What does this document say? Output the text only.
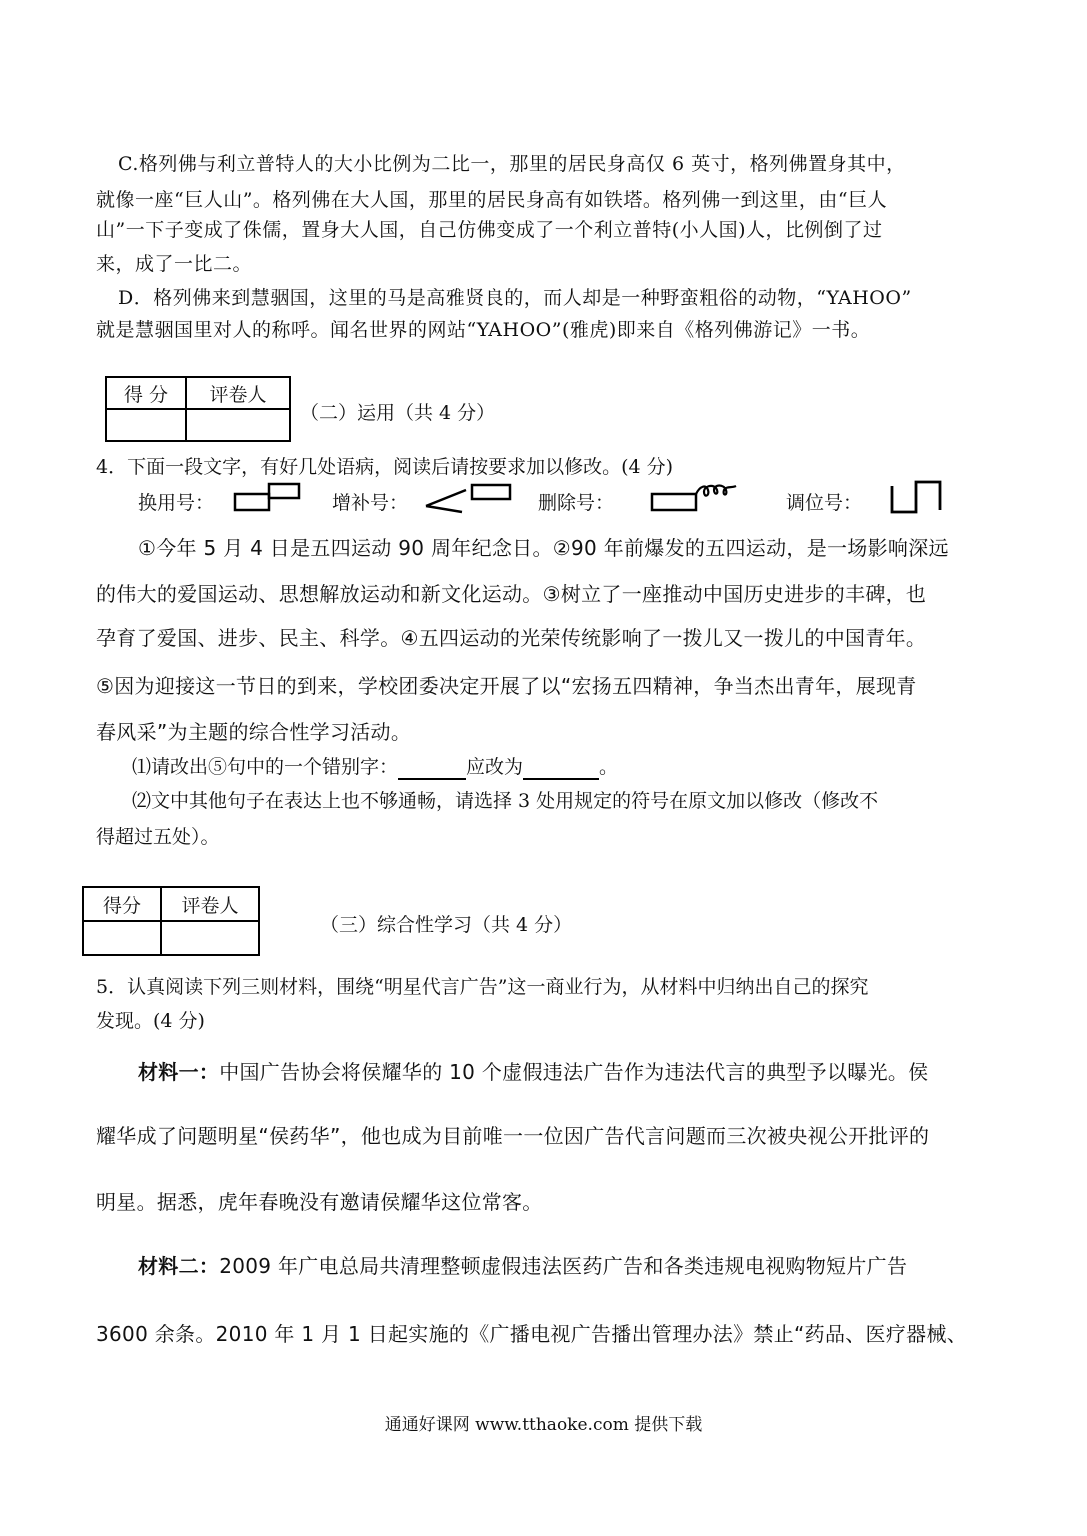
C.格列佛与利立普特人的大小比例为二比一，那里的居民身高仅 6 英寸，格列佛置身其中，
就像一座“巨人山”。格列佛在大人国，那里的居民身高有如铁塔。格列佛一到这里，由“巨人
山”一下子变成了侏儒，置身大人国，自己仿佛变成了一个利立普特(小人国)人，比例倒了过
来，成了一比二。
D．格列佛来到慧骃国，这里的马是高雅贤良的，而人却是一种野蛮粗俗的动物，“YAHOO”
就是慧骃国里对人的称呼。闻名世界的网站“YAHOO”(雅虎)即来自《格列佛游记》一书。
得 分	评卷人

（二）运用（共 4 分）
4．下面一段文字，有好几处语病，阅读后请按要求加以修改。(4 分)
换用号：	增补号：	删除号：	调位号：
①今年 5 月 4 日是五四运动 90 周年纪念日。②90 年前爆发的五四运动，是一场影响深远
的伟大的爱国运动、思想解放运动和新文化运动。③树立了一座推动中国历史进步的丰碑，也
孕育了爱国、进步、民主、科学。④五四运动的光荣传统影响了一拨儿又一拨儿的中国青年。
⑤因为迎接这一节日的到来，学校团委决定开展了以“宏扬五四精神，争当杰出青年，展现青
春风采”为主题的综合性学习活动。
⑴请改出⑤句中的一个错别字：	应改为	。
⑵文中其他句子在表达上也不够通畅，请选择 3 处用规定的符号在原文加以修改（修改不
得超过五处）。
得分	评卷人

（三）综合性学习（共 4 分）
5．认真阅读下列三则材料，围绕“明星代言广告”这一商业行为，从材料中归纳出自己的探究
发现。(4 分)
材料一：中国广告协会将侯耀华的 10 个虚假违法广告作为违法代言的典型予以曝光。侯
耀华成了问题明星“侯药华”，他也成为目前唯一一位因广告代言问题而三次被央视公开批评的
明星。据悉，虎年春晚没有邀请侯耀华这位常客。
材料二：2009 年广电总局共清理整顿虚假违法医药广告和各类违规电视购物短片广告
3600 余条。2010 年 1 月 1 日起实施的《广播电视广告播出管理办法》禁止“药品、医疗器械、
通通好课网 www.tthaoke.com 提供下载
